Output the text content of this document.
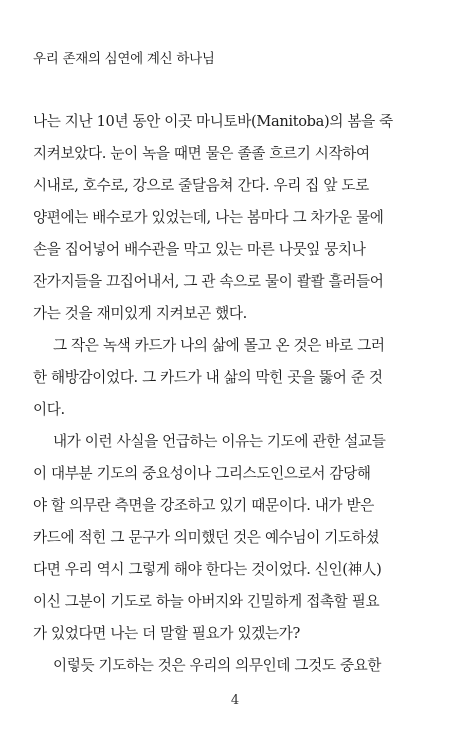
우리 존재의 심연에 계신 하나님
나는 지난 10년 동안 이곳 마니토바(Manitoba)의 봄을 죽
지켜보았다. 눈이 녹을 때면 물은 졸졸 흐르기 시작하여
시내로, 호수로, 강으로 줄달음쳐 간다. 우리 집 앞 도로
양편에는 배수로가 있었는데, 나는 봄마다 그 차가운 물에
손을 집어넣어 배수관을 막고 있는 마른 나뭇잎 뭉치나
잔가지들을 끄집어내서, 그 관 속으로 물이 콸콸 흘러들어
가는 것을 재미있게 지켜보곤 했다.
그 작은 녹색 카드가 나의 삶에 몰고 온 것은 바로 그러
한 해방감이었다. 그 카드가 내 삶의 막힌 곳을 뚫어 준 것
이다.
내가 이런 사실을 언급하는 이유는 기도에 관한 설교들
이 대부분 기도의 중요성이나 그리스도인으로서 감당해
야 할 의무란 측면을 강조하고 있기 때문이다. 내가 받은
카드에 적힌 그 문구가 의미했던 것은 예수님이 기도하셨
다면 우리 역시 그렇게 해야 한다는 것이었다. 신인(神人)
이신 그분이 기도로 하늘 아버지와 긴밀하게 접촉할 필요
가 있었다면 나는 더 말할 필요가 있겠는가?
이렇듯 기도하는 것은 우리의 의무인데 그것도 중요한
4
